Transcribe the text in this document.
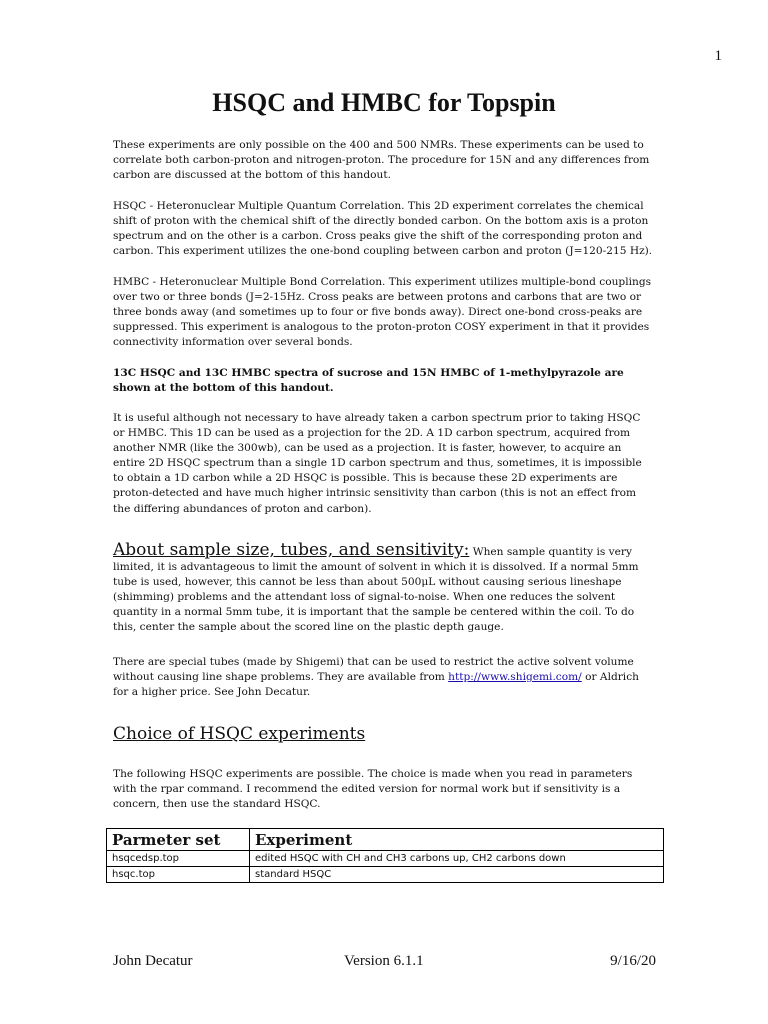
1
HSQC and HMBC for Topspin

These experiments are only possible on the 400 and 500 NMRs. These experiments can be used to correlate both carbon-proton and nitrogen-proton. The procedure for 15N and any differences from carbon are discussed at the bottom of this handout.

HSQC - Heteronuclear Multiple Quantum Correlation. This 2D experiment correlates the chemical shift of proton with the chemical shift of the directly bonded carbon. On the bottom axis is a proton spectrum and on the other is a carbon. Cross peaks give the shift of the corresponding proton and carbon. This experiment utilizes the one-bond coupling between carbon and proton (J=120-215 Hz).

HMBC - Heteronuclear Multiple Bond Correlation. This experiment utilizes multiple-bond couplings over two or three bonds (J=2-15Hz. Cross peaks are between protons and carbons that are two or three bonds away (and sometimes up to four or five bonds away). Direct one-bond cross-peaks are suppressed. This experiment is analogous to the proton-proton COSY experiment in that it provides connectivity information over several bonds.

13C HSQC and 13C HMBC spectra of sucrose and 15N HMBC of 1-methylpyrazole are shown at the bottom of this handout.

It is useful although not necessary to have already taken a carbon spectrum prior to taking HSQC or HMBC. This 1D can be used as a projection for the 2D. A 1D carbon spectrum, acquired from another NMR (like the 300wb), can be used as a projection. It is faster, however, to acquire an entire 2D HSQC spectrum than a single 1D carbon spectrum and thus, sometimes, it is impossible to obtain a 1D carbon while a 2D HSQC is possible. This is because these 2D experiments are proton-detected and have much higher intrinsic sensitivity than carbon (this is not an effect from the differing abundances of proton and carbon).

About sample size, tubes, and sensitivity: When sample quantity is very limited, it is advantageous to limit the amount of solvent in which it is dissolved. If a normal 5mm tube is used, however, this cannot be less than about 500μL without causing serious lineshape (shimming) problems and the attendant loss of signal-to-noise. When one reduces the solvent quantity in a normal 5mm tube, it is important that the sample be centered within the coil. To do this, center the sample about the scored line on the plastic depth gauge.

There are special tubes (made by Shigemi) that can be used to restrict the active solvent volume without causing line shape problems. They are available from http://www.shigemi.com/ or Aldrich for a higher price. See John Decatur.

Choice of HSQC experiments

The following HSQC experiments are possible. The choice is made when you read in parameters with the rpar command. I recommend the edited version for normal work but if sensitivity is a concern, then use the standard HSQC.

Parmeter set	Experiment
hsqcedsp.top	edited HSQC with CH and CH3 carbons up, CH2 carbons down
hsqc.top	standard HSQC
John Decatur	Version 6.1.1	9/16/20
